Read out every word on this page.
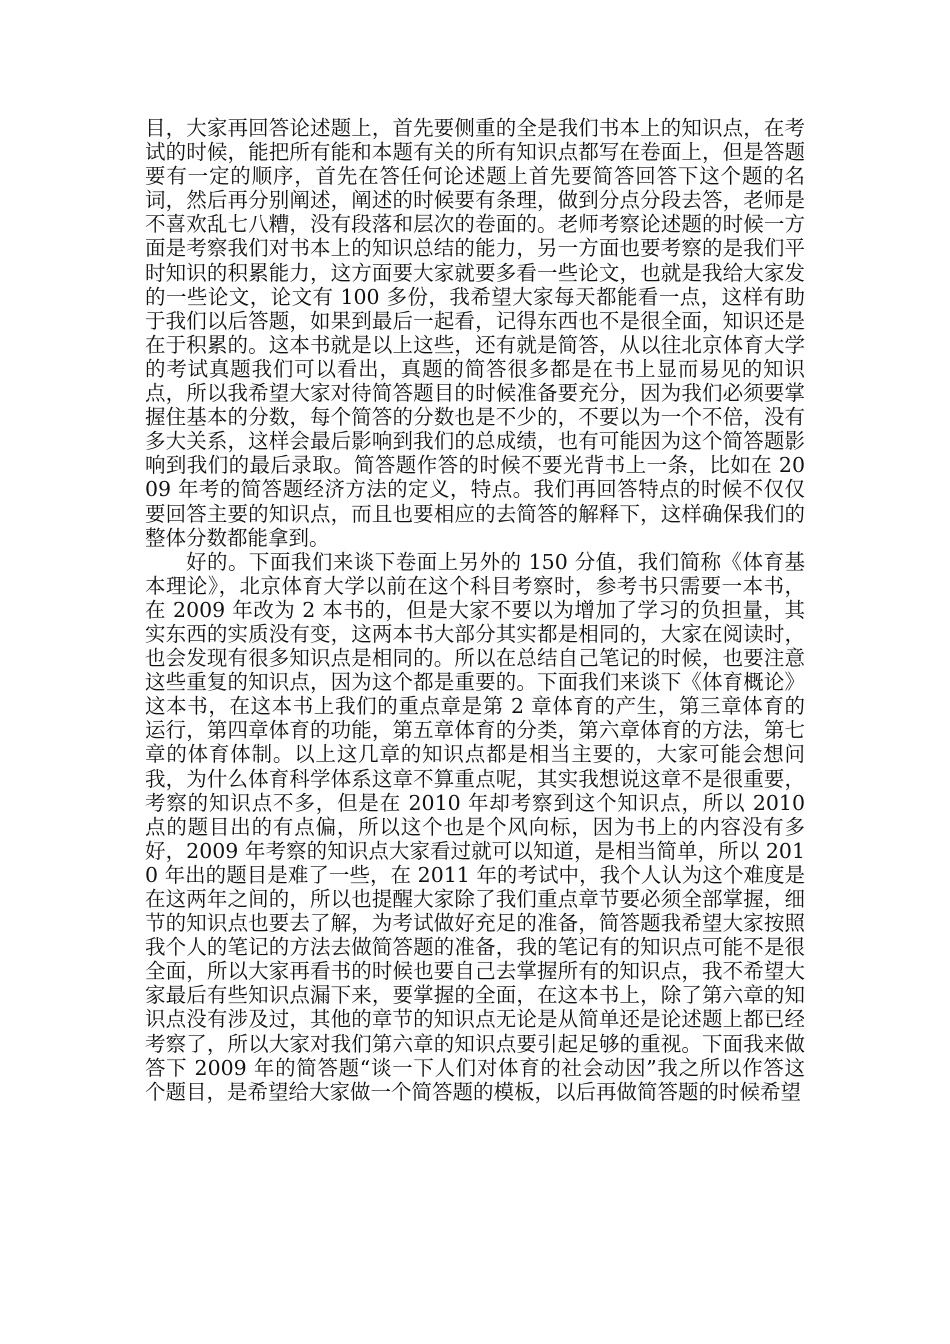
目，大家再回答论述题上，首先要侧重的全是我们书本上的知识点，在考试的时候，能把所有能和本题有关的所有知识点都写在卷面上，但是答题要有一定的顺序，首先在答任何论述题上首先要简答回答下这个题的名词，然后再分别阐述，阐述的时候要有条理，做到分点分段去答，老师是不喜欢乱七八糟，没有段落和层次的卷面的。老师考察论述题的时候一方面是考察我们对书本上的知识总结的能力，另一方面也要考察的是我们平时知识的积累能力，这方面要大家就要多看一些论文，也就是我给大家发的一些论文，论文有 100 多份，我希望大家每天都能看一点，这样有助于我们以后答题，如果到最后一起看，记得东西也不是很全面，知识还是在于积累的。这本书就是以上这些，还有就是简答，从以往北京体育大学的考试真题我们可以看出，真题的简答很多都是在书上显而易见的知识点，所以我希望大家对待简答题目的时候准备要充分，因为我们必须要掌握住基本的分数，每个简答的分数也是不少的，不要以为一个不倍，没有多大关系，这样会最后影响到我们的总成绩，也有可能因为这个简答题影响到我们的最后录取。简答题作答的时候不要光背书上一条，比如在 2009 年考的简答题经济方法的定义，特点。我们再回答特点的时候不仅仅要回答主要的知识点，而且也要相应的去简答的解释下，这样确保我们的整体分数都能拿到。

好的。下面我们来谈下卷面上另外的 150 分值，我们简称《体育基本理论》，北京体育大学以前在这个科目考察时，参考书只需要一本书，在 2009 年改为 2 本书的，但是大家不要以为增加了学习的负担量，其实东西的实质没有变，这两本书大部分其实都是相同的，大家在阅读时，也会发现有很多知识点是相同的。所以在总结自己笔记的时候，也要注意这些重复的知识点，因为这个都是重要的。下面我们来谈下《体育概论》这本书，在这本书上我们的重点章是第 2 章体育的产生，第三章体育的运行，第四章体育的功能，第五章体育的分类，第六章体育的方法，第七章的体育体制。以上这几章的知识点都是相当主要的，大家可能会想问我，为什么体育科学体系这章不算重点呢，其实我想说这章不是很重要，考察的知识点不多，但是在 2010 年却考察到这个知识点，所以 2010 点的题目出的有点偏，所以这个也是个风向标，因为书上的内容没有多好，2009 年考察的知识点大家看过就可以知道，是相当简单，所以 2010 年出的题目是难了一些，在 2011 年的考试中，我个人认为这个难度是在这两年之间的，所以也提醒大家除了我们重点章节要必须全部掌握，细节的知识点也要去了解，为考试做好充足的准备，简答题我希望大家按照我个人的笔记的方法去做简答题的准备，我的笔记有的知识点可能不是很全面，所以大家再看书的时候也要自己去掌握所有的知识点，我不希望大家最后有些知识点漏下来，要掌握的全面，在这本书上，除了第六章的知识点没有涉及过，其他的章节的知识点无论是从简单还是论述题上都已经考察了，所以大家对我们第六章的知识点要引起足够的重视。下面我来做答下 2009 年的简答题“谈一下人们对体育的社会动因”我之所以作答这个题目，是希望给大家做一个简答题的模板，以后再做简答题的时候希望
